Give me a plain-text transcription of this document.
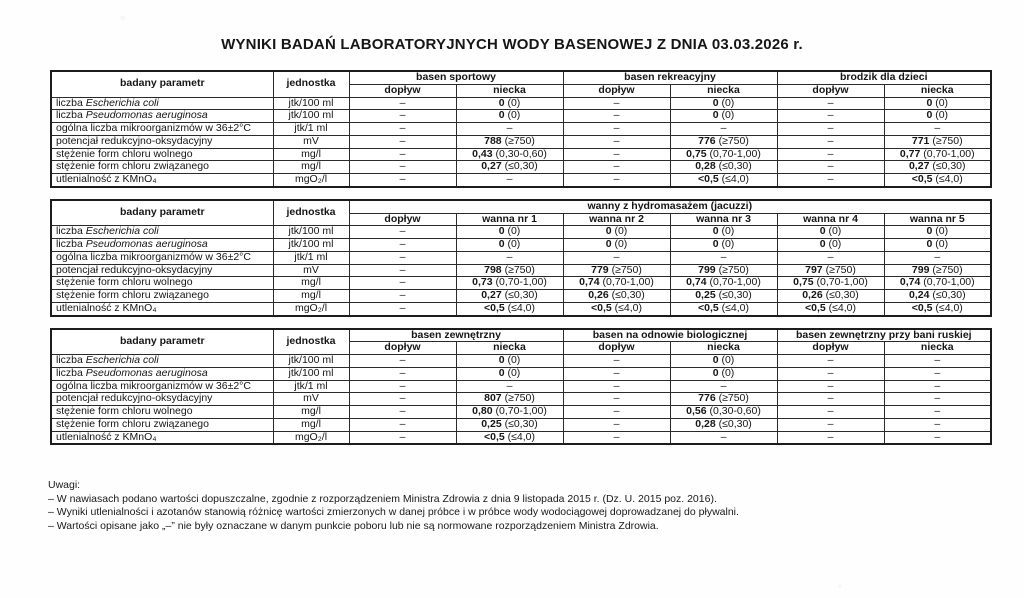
WYNIKI BADAŃ LABORATORYJNYCH WODY BASENOWEJ Z DNIA 03.03.2026 r.
badany parametr	jednostka	basen sportowy		basen rekreacyjny		brodzik dla dzieci	
		dopływ	niecka	dopływ	niecka	dopływ	niecka
liczba Escherichia coli	jtk/100 ml	–	0 (0)	–	0 (0)	–	0 (0)
liczba Pseudomonas aeruginosa	jtk/100 ml	–	0 (0)	–	0 (0)	–	0 (0)
ogólna liczba mikroorganizmów w 36±2°C	jtk/1 ml	–	–	–	–	–	–
potencjał redukcyjno-oksydacyjny	mV	–	788 (≥750)	–	776 (≥750)	–	771 (≥750)
stężenie form chloru wolnego	mg/l	–	0,43 (0,30-0,60)	–	0,75 (0,70-1,00)	–	0,77 (0,70-1,00)
stężenie form chloru związanego	mg/l	–	0,27 (≤0,30)	–	0,28 (≤0,30)	–	0,27 (≤0,30)
utlenialność z KMnO₄	mgO₂/l	–	–	–	<0,5 (≤4,0)	–	<0,5 (≤4,0)
badany parametr	jednostka	wanny z hydromasażem (jacuzzi)					
		dopływ	wanna nr 1	wanna nr 2	wanna nr 3	wanna nr 4	wanna nr 5
liczba Escherichia coli	jtk/100 ml	–	0 (0)	0 (0)	0 (0)	0 (0)	0 (0)
liczba Pseudomonas aeruginosa	jtk/100 ml	–	0 (0)	0 (0)	0 (0)	0 (0)	0 (0)
ogólna liczba mikroorganizmów w 36±2°C	jtk/1 ml	–	–	–	–	–	–
potencjał redukcyjno-oksydacyjny	mV	–	798 (≥750)	779 (≥750)	799 (≥750)	797 (≥750)	799 (≥750)
stężenie form chloru wolnego	mg/l	–	0,73 (0,70-1,00)	0,74 (0,70-1,00)	0,74 (0,70-1,00)	0,75 (0,70-1,00)	0,74 (0,70-1,00)
stężenie form chloru związanego	mg/l	–	0,27 (≤0,30)	0,26 (≤0,30)	0,25 (≤0,30)	0,26 (≤0,30)	0,24 (≤0,30)
utlenialność z KMnO₄	mgO₂/l	–	<0,5 (≤4,0)	<0,5 (≤4,0)	<0,5 (≤4,0)	<0,5 (≤4,0)	<0,5 (≤4,0)
badany parametr	jednostka	basen zewnętrzny		basen na odnowie biologicznej		basen zewnętrzny przy bani ruskiej	
		dopływ	niecka	dopływ	niecka	dopływ	niecka
liczba Escherichia coli	jtk/100 ml	–	0 (0)	–	0 (0)	–	–
liczba Pseudomonas aeruginosa	jtk/100 ml	–	0 (0)	–	0 (0)	–	–
ogólna liczba mikroorganizmów w 36±2°C	jtk/1 ml	–	–	–	–	–	–
potencjał redukcyjno-oksydacyjny	mV	–	807 (≥750)	–	776 (≥750)	–	–
stężenie form chloru wolnego	mg/l	–	0,80 (0,70-1,00)	–	0,56 (0,30-0,60)	–	–
stężenie form chloru związanego	mg/l	–	0,25 (≤0,30)	–	0,28 (≤0,30)	–	–
utlenialność z KMnO₄	mgO₂/l	–	<0,5 (≤4,0)	–	–	–	–
Uwagi:
– W nawiasach podano wartości dopuszczalne, zgodnie z rozporządzeniem Ministra Zdrowia z dnia 9 listopada 2015 r. (Dz. U. 2015 poz. 2016).
– Wyniki utlenialności i azotanów stanowią różnicę wartości zmierzonych w danej próbce i w próbce wody wodociągowej doprowadzanej do pływalni.
– Wartości opisane jako „–” nie były oznaczane w danym punkcie poboru lub nie są normowane rozporządzeniem Ministra Zdrowia.
